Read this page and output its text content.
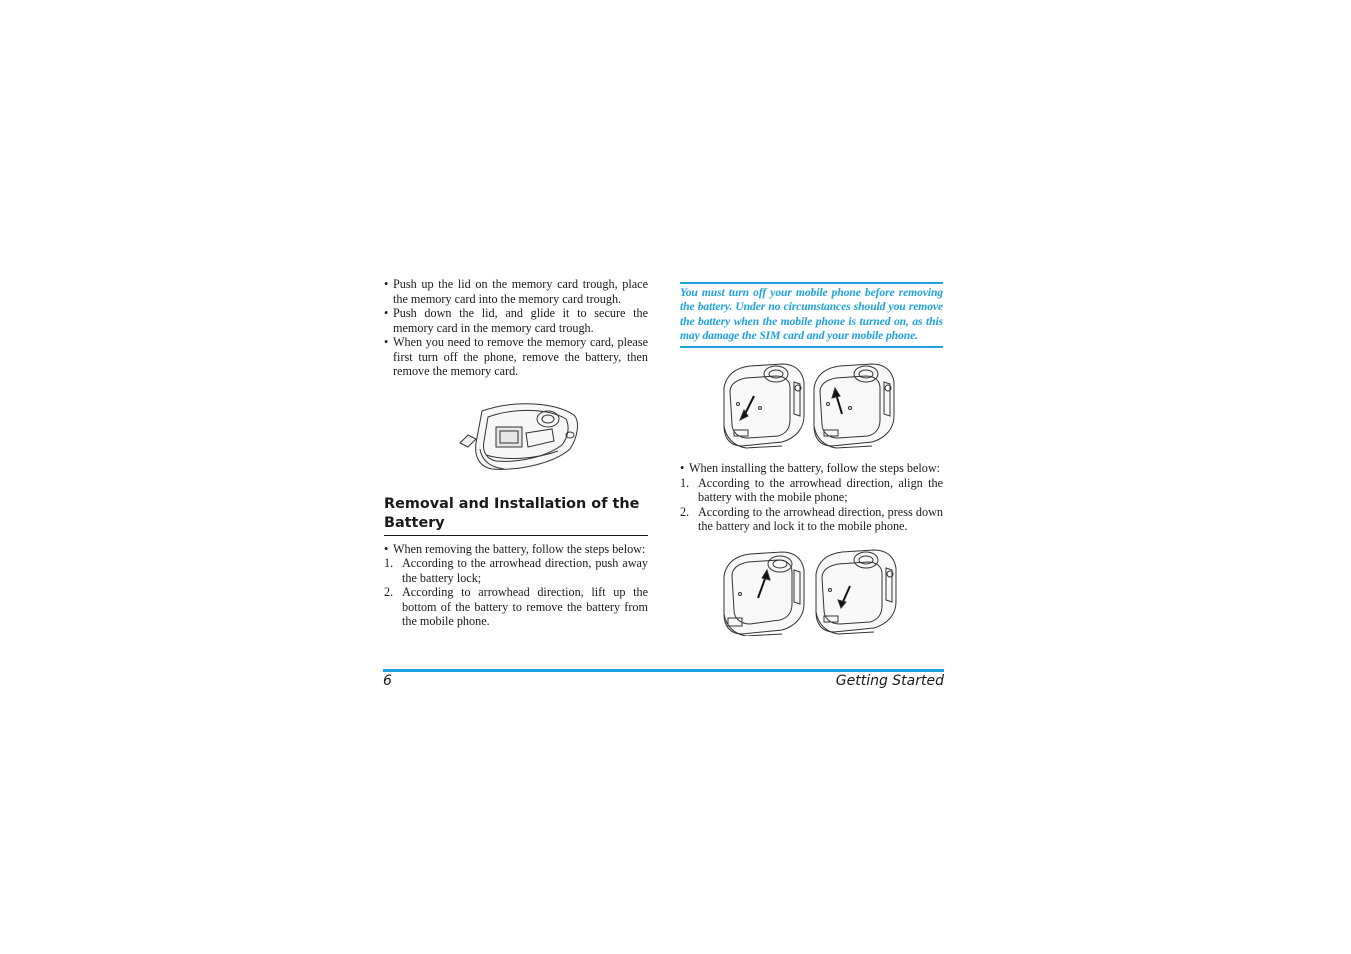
• Push up the lid on the memory card trough, place the memory card into the memory card trough.
• Push down the lid, and glide it to secure the memory card in the memory card trough.
• When you need to remove the memory card, please first turn off the phone, remove the battery, then remove the memory card.
Removal and Installation of the Battery
• When removing the battery, follow the steps below:
1. According to the arrowhead direction, push away the battery lock;
2. According to arrowhead direction, lift up the bottom of the battery to remove the battery from the mobile phone.
You must turn off your mobile phone before removing the battery. Under no circumstances should you remove the battery when the mobile phone is turned on, as this may damage the SIM card and your mobile phone.
• When installing the battery, follow the steps below:
1. According to the arrowhead direction, align the battery with the mobile phone;
2. According to the arrowhead direction, press down the battery and lock it to the mobile phone.
6	Getting Started
